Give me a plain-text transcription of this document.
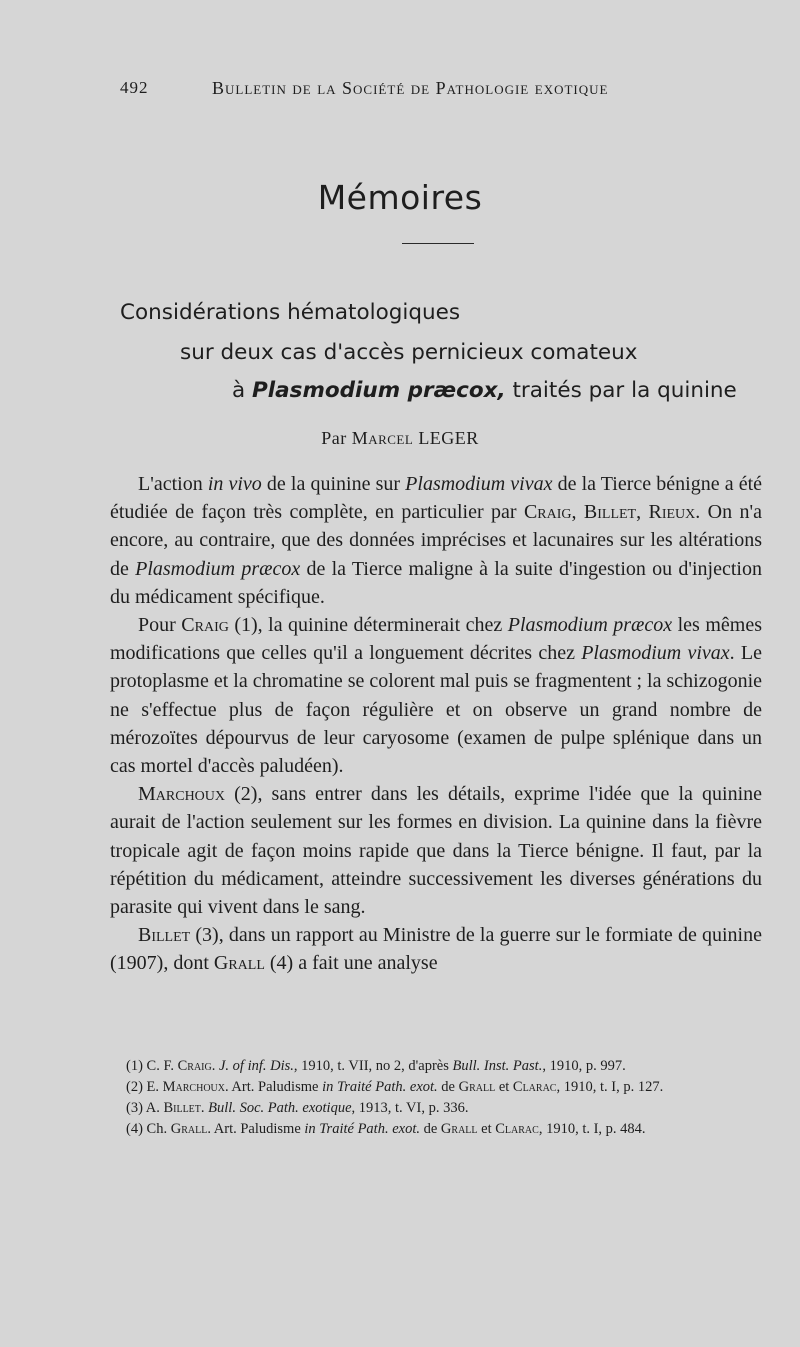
492	Bulletin de la Société de Pathologie exotique
Mémoires
Considérations hématologiques
sur deux cas d'accès pernicieux comateux
à Plasmodium præcox, traités par la quinine
Par Marcel LEGER

L'action in vivo de la quinine sur Plasmodium vivax de la Tierce bénigne a été étudiée de façon très complète, en particulier par Craig, Billet, Rieux. On n'a encore, au contraire, que des données imprécises et lacunaires sur les altérations de Plasmodium præcox de la Tierce maligne à la suite d'ingestion ou d'injection du médicament spécifique.

Pour Craig (1), la quinine déterminerait chez Plasmodium præcox les mêmes modifications que celles qu'il a longuement décrites chez Plasmodium vivax. Le protoplasme et la chromatine se colorent mal puis se fragmentent ; la schizogonie ne s'effectue plus de façon régulière et on observe un grand nombre de mérozoïtes dépourvus de leur caryosome (examen de pulpe splénique dans un cas mortel d'accès paludéen).

Marchoux (2), sans entrer dans les détails, exprime l'idée que la quinine aurait de l'action seulement sur les formes en division. La quinine dans la fièvre tropicale agit de façon moins rapide que dans la Tierce bénigne. Il faut, par la répétition du médicament, atteindre successivement les diverses générations du parasite qui vivent dans le sang.

Billet (3), dans un rapport au Ministre de la guerre sur le formiate de quinine (1907), dont Grall (4) a fait une analyse

(1) C. F. Craig. J. of inf. Dis., 1910, t. VII, no 2, d'après Bull. Inst. Past., 1910, p. 997.

(2) E. Marchoux. Art. Paludisme in Traité Path. exot. de Grall et Clarac, 1910, t. I, p. 127.

(3) A. Billet. Bull. Soc. Path. exotique, 1913, t. VI, p. 336.

(4) Ch. Grall. Art. Paludisme in Traité Path. exot. de Grall et Clarac, 1910, t. I, p. 484.
